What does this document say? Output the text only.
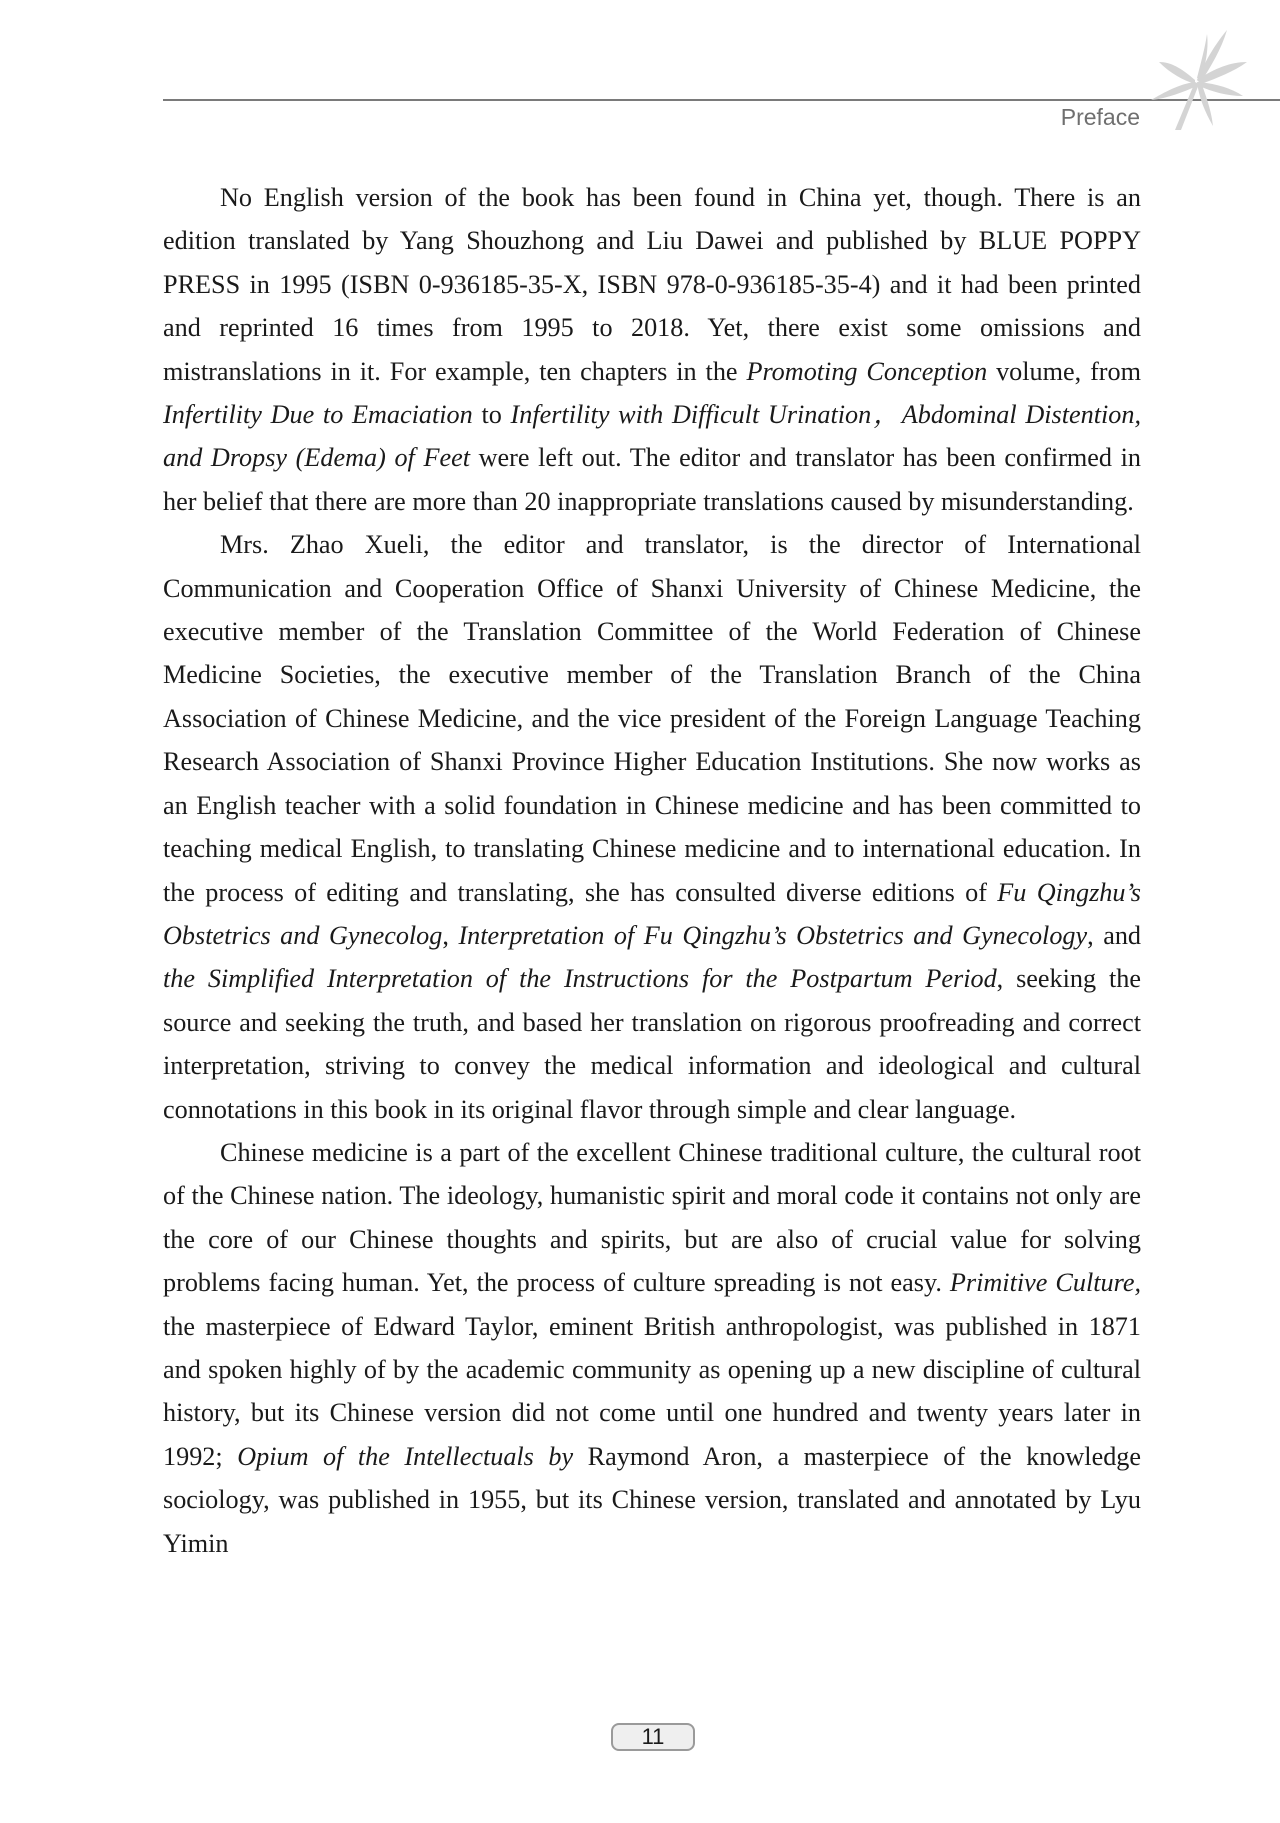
Preface

No English version of the book has been found in China yet, though. There is an edition translated by Yang Shouzhong and Liu Dawei and published by BLUE POPPY PRESS in 1995 (ISBN 0-936185-35-X, ISBN 978-0-936185-35-4) and it had been printed and reprinted 16 times from 1995 to 2018. Yet, there exist some omissions and mistranslations in it. For example, ten chapters in the Promoting Conception volume, from Infertility Due to Emaciation to Infertility with Difficult Urination，Abdominal Distention, and Dropsy (Edema) of Feet were left out. The editor and translator has been confirmed in her belief that there are more than 20 inappropriate translations caused by misunderstanding.

Mrs. Zhao Xueli, the editor and translator, is the director of International Communication and Cooperation Office of Shanxi University of Chinese Medicine, the executive member of the Translation Committee of the World Federation of Chinese Medicine Societies, the executive member of the Translation Branch of the China Association of Chinese Medicine, and the vice president of the Foreign Language Teaching Research Association of Shanxi Province Higher Education Institutions. She now works as an English teacher with a solid foundation in Chinese medicine and has been committed to teaching medical English, to translating Chinese medicine and to international education. In the process of editing and translating, she has consulted diverse editions of Fu Qingzhu’s Obstetrics and Gynecolog, Interpretation of Fu Qingzhu’s Obstetrics and Gynecology, and the Simplified Interpretation of the Instructions for the Postpartum Period, seeking the source and seeking the truth, and based her translation on rigorous proofreading and correct interpretation, striving to convey the medical information and ideological and cultural connotations in this book in its original flavor through simple and clear language.

Chinese medicine is a part of the excellent Chinese traditional culture, the cultural root of the Chinese nation. The ideology, humanistic spirit and moral code it contains not only are the core of our Chinese thoughts and spirits, but are also of crucial value for solving problems facing human. Yet, the process of culture spreading is not easy. Primitive Culture, the masterpiece of Edward Taylor, eminent British anthropologist, was published in 1871 and spoken highly of by the academic community as opening up a new discipline of cultural history, but its Chinese version did not come until one hundred and twenty years later in 1992; Opium of the Intellectuals by Raymond Aron, a masterpiece of the knowledge sociology, was published in 1955, but its Chinese version, translated and annotated by Lyu Yimin

11
